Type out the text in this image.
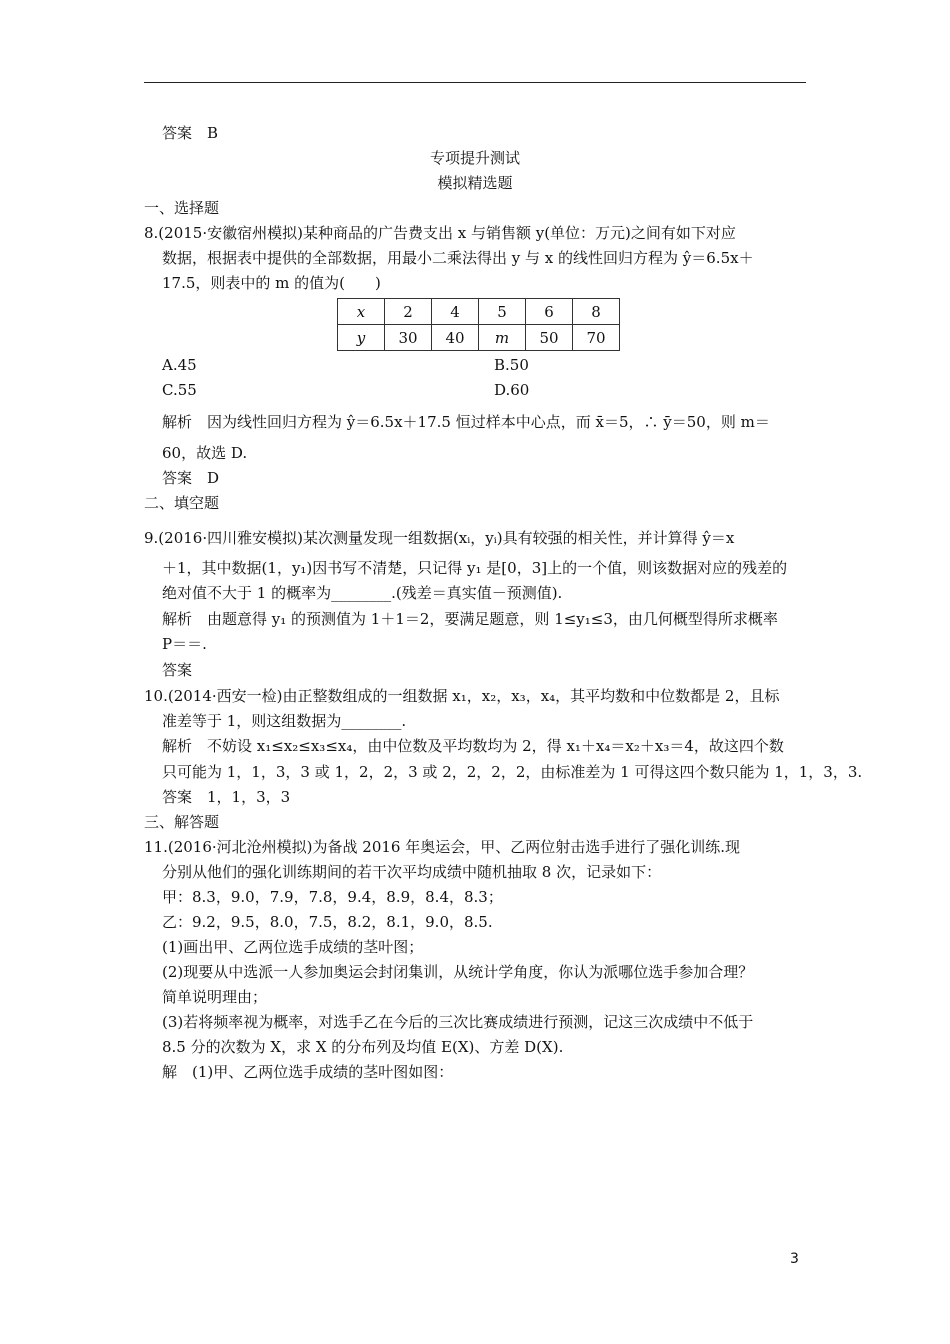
答案　B
专项提升测试
模拟精选题
一、选择题
8.(2015·安徽宿州模拟)某种商品的广告费支出 x 与销售额 y(单位：万元)之间有如下对应
数据，根据表中提供的全部数据，用最小二乘法得出 y 与 x 的线性回归方程为 ŷ＝6.5x＋
17.5，则表中的 m 的值为(　　)
x	2	4	5	6	8
y	30	40	m	50	70
A.45	B.50
C.55	D.60
解析　因为线性回归方程为 ŷ＝6.5x＋17.5 恒过样本中心点，而 x̄＝5，∴ ȳ＝50，则 m＝
60，故选 D.
答案　D
二、填空题
9.(2016·四川雅安模拟)某次测量发现一组数据(xᵢ，yᵢ)具有较强的相关性，并计算得 ŷ＝x
＋1，其中数据(1，y₁)因书写不清楚，只记得 y₁ 是[0，3]上的一个值，则该数据对应的残差的
绝对值不大于 1 的概率为________.(残差＝真实值－预测值).
解析　由题意得 y₁ 的预测值为 1＋1＝2，要满足题意，则 1≤y₁≤3，由几何概型得所求概率
P＝＝.
答案
10.(2014·西安一检)由正整数组成的一组数据 x₁，x₂，x₃，x₄，其平均数和中位数都是 2，且标
准差等于 1，则这组数据为________.
解析　不妨设 x₁≤x₂≤x₃≤x₄，由中位数及平均数均为 2，得 x₁＋x₄＝x₂＋x₃＝4，故这四个数
只可能为 1，1，3，3 或 1，2，2，3 或 2，2，2，2，由标准差为 1 可得这四个数只能为 1，1，3，3.
答案　1，1，3，3
三、解答题
11.(2016·河北沧州模拟)为备战 2016 年奥运会，甲、乙两位射击选手进行了强化训练.现
分别从他们的强化训练期间的若干次平均成绩中随机抽取 8 次，记录如下：
甲：8.3，9.0，7.9，7.8，9.4，8.9，8.4，8.3；
乙：9.2，9.5，8.0，7.5，8.2，8.1，9.0，8.5.
(1)画出甲、乙两位选手成绩的茎叶图；
(2)现要从中选派一人参加奥运会封闭集训，从统计学角度，你认为派哪位选手参加合理？
简单说明理由；
(3)若将频率视为概率，对选手乙在今后的三次比赛成绩进行预测，记这三次成绩中不低于
8.5 分的次数为 X，求 X 的分布列及均值 E(X)、方差 D(X).
解　(1)甲、乙两位选手成绩的茎叶图如图：
3
